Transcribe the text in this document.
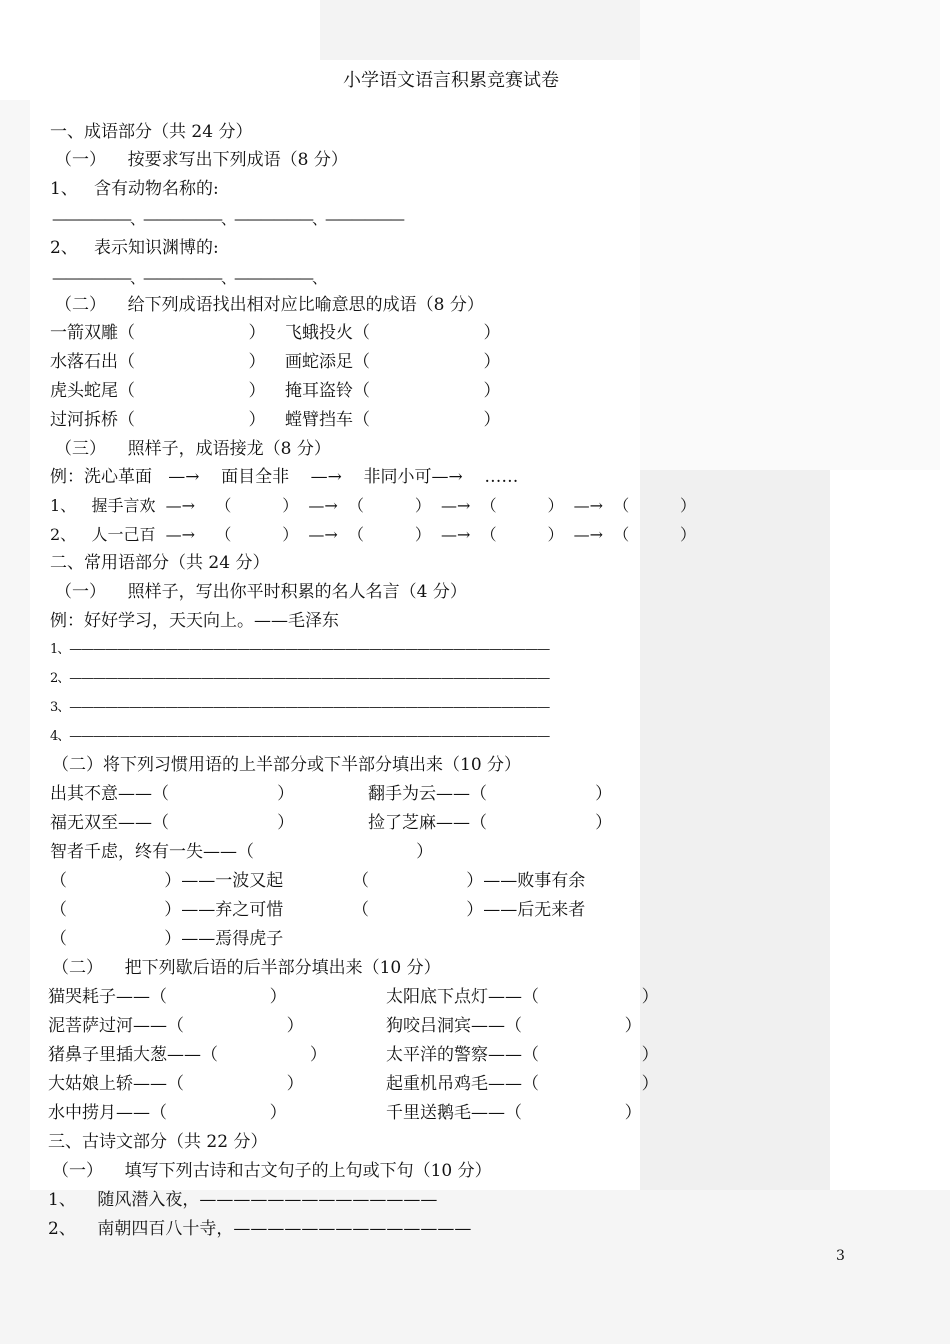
小学语文语言积累竞赛试卷
一、成语部分（共 24 分）
（一）    按要求写出下列成语（8 分）
1、   含有动物名称的:
——————、——————、——————、——————
2、   表示知识渊博的:
——————、——————、——————、
（二）    给下列成语找出相对应比喻意思的成语（8 分）
一箭双雕（                     ） 飞蛾投火（                     ）
水落石出（                     ） 画蛇添足（                     ）
虎头蛇尾（                     ） 掩耳盗铃（                     ）
过河拆桥（                     ） 螳臂挡车（                     ）
（三）    照样子，成语接龙（8 分）
例：洗心革面   —→    面目全非    —→    非同小可—→    ……
1、   握手言欢  —→    （          ）  —→  （          ）  —→  （          ）  —→  （          ）
2、   人一己百  —→    （          ）  —→  （          ）  —→  （          ）  —→  （          ）
二、常用语部分（共 24 分）
（一）    照样子，写出你平时积累的名人名言（4 分）
例：好好学习，天天向上。——毛泽东
1、————————————————————————————————————————
2、————————————————————————————————————————
3、————————————————————————————————————————
4、————————————————————————————————————————
（二）将下列习惯用语的上半部分或下半部分填出来（10 分）
出其不意——（                    ）	翻手为云——（                    ）
福无双至——（                    ）	捡了芝麻——（                    ）
智者千虑，终有一失——（                              ）
（                  ）——一波又起	（                  ）——败事有余
（                  ）——弃之可惜	（                  ）——后无来者
（                  ）——焉得虎子
（二）    把下列歇后语的后半部分填出来（10 分）
猫哭耗子——（                   ）	太阳底下点灯——（                   ）
泥菩萨过河——（                   ）	狗咬吕洞宾——（                   ）
猪鼻子里插大葱——（                 ）	太平洋的警察——（                   ）
大姑娘上轿——（                   ）	起重机吊鸡毛——（                   ）
水中捞月——（                   ）	千里送鹅毛——（                   ）
三、古诗文部分（共 22 分）
（一）    填写下列古诗和古文句子的上句或下句（10 分）
1、    随风潜入夜，——————————————
2、    南朝四百八十寺，——————————————
3
